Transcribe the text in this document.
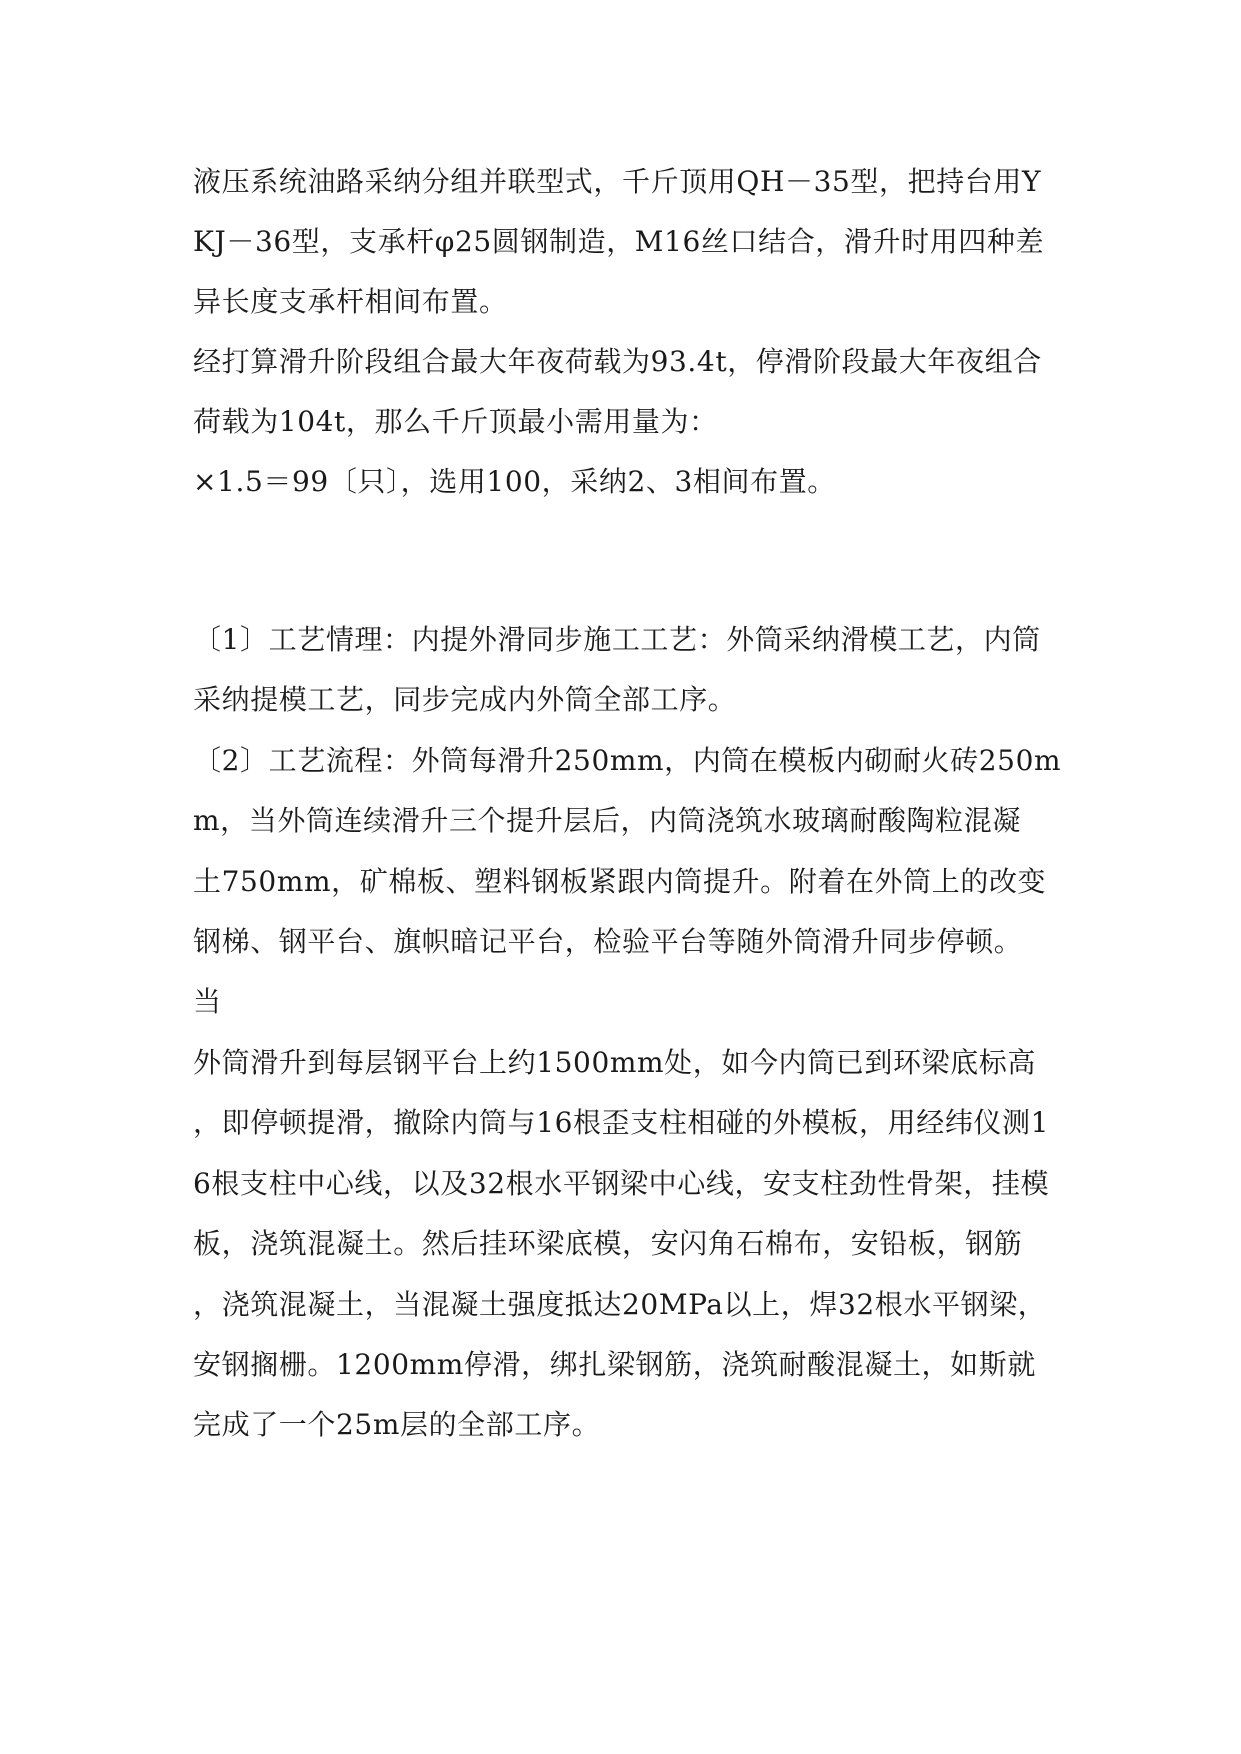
液压系统油路采纳分组并联型式，千斤顶用QH－35型，把持台用Y
KJ－36型，支承杆φ25圆钢制造，M16丝口结合，滑升时用四种差
异长度支承杆相间布置。
经打算滑升阶段组合最大年夜荷载为93.4t，停滑阶段最大年夜组合
荷载为104t，那么千斤顶最小需用量为：
×1.5＝99〔只〕，选用100，采纳2、3相间布置。
〔1〕工艺情理：内提外滑同步施工工艺：外筒采纳滑模工艺，内筒
采纳提模工艺，同步完成内外筒全部工序。
〔2〕工艺流程：外筒每滑升250mm，内筒在模板内砌耐火砖250m
m，当外筒连续滑升三个提升层后，内筒浇筑水玻璃耐酸陶粒混凝
土750mm，矿棉板、塑料钢板紧跟内筒提升。附着在外筒上的改变
钢梯、钢平台、旗帜暗记平台，检验平台等随外筒滑升同步停顿。
当
外筒滑升到每层钢平台上约1500mm处，如今内筒已到环梁底标高
，即停顿提滑，撤除内筒与16根歪支柱相碰的外模板，用经纬仪测1
6根支柱中心线，以及32根水平钢梁中心线，安支柱劲性骨架，挂模
板，浇筑混凝土。然后挂环梁底模，安闪角石棉布，安铅板，钢筋
，浇筑混凝土，当混凝土强度抵达20MPa以上，焊32根水平钢梁，
安钢搁栅。1200mm停滑，绑扎梁钢筋，浇筑耐酸混凝土，如斯就
完成了一个25m层的全部工序。
